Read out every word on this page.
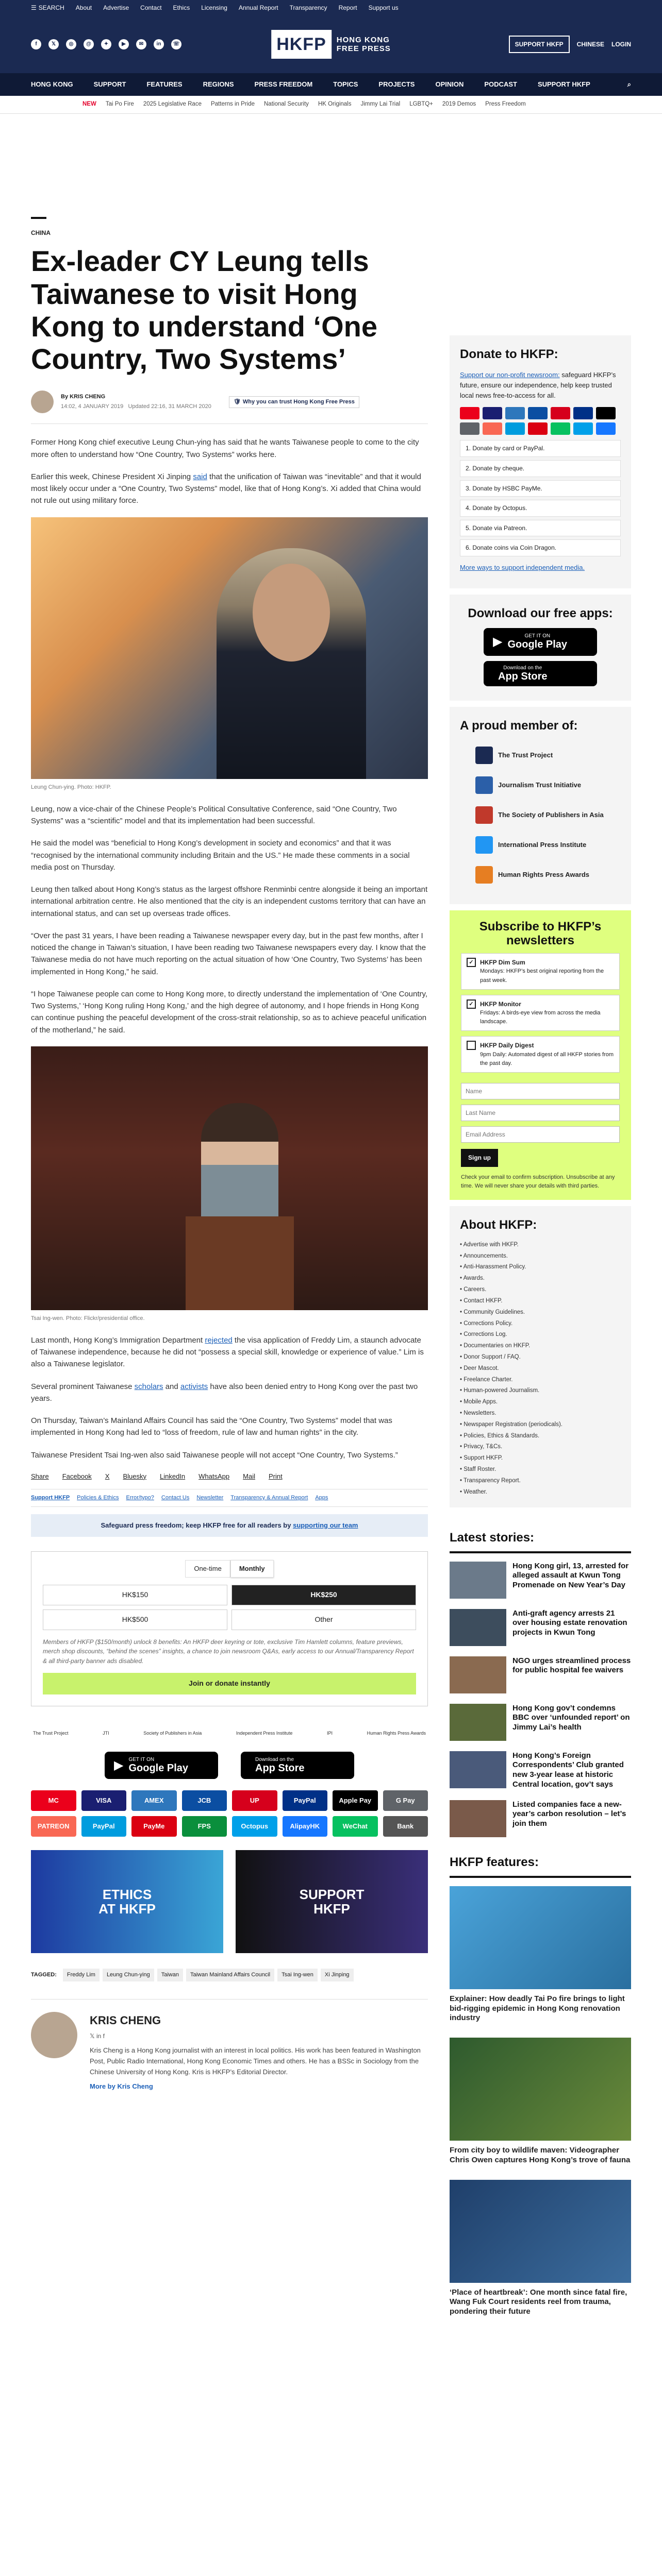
☰ SEARCH About Advertise Contact Ethics Licensing Annual Report Transparency Report Support us
f	𝕏	◎	@	✦	▶	✉	in	☏	HKFP	HONG KONG
FREE PRESS
SUPPORT HKFP	CHINESE LOGIN
HONG KONG	SUPPORT	FEATURES	REGIONS	PRESS FREEDOM	TOPICS	PROJECTS	OPINION	PODCAST	SUPPORT HKFP	⌕
NEW Tai Po Fire 2025 Legislative Race Patterns in Pride National Security HK Originals Jimmy Lai Trial LGBTQ+ 2019 Demos Press Freedom
CHINA
Ex-leader CY Leung tells Taiwanese to visit Hong Kong to understand ‘One Country, Two Systems’
By KRIS CHENG
14:02, 4 JANUARY 2019 Updated 22:16, 31 MARCH 2020
🛡 Why you can trust Hong Kong Free Press

Former Hong Kong chief executive Leung Chun-ying has said that he wants Taiwanese people to come to the city more often to understand how “One Country, Two Systems” works here.

Earlier this week, Chinese President Xi Jinping said that the unification of Taiwan was “inevitable” and that it would most likely occur under a “One Country, Two Systems” model, like that of Hong Kong’s. Xi added that China would not rule out using military force.

Leung Chun-ying. Photo: HKFP.

Leung, now a vice-chair of the Chinese People’s Political Consultative Conference, said “One Country, Two Systems” was a “scientific” model and that its implementation had been successful.

He said the model was “beneficial to Hong Kong’s development in society and economics” and that it was “recognised by the international community including Britain and the US.” He made these comments in a social media post on Thursday.

Leung then talked about Hong Kong’s status as the largest offshore Renminbi centre alongside it being an important international arbitration centre. He also mentioned that the city is an independent customs territory that can have an international status, and can set up overseas trade offices.

“Over the past 31 years, I have been reading a Taiwanese newspaper every day, but in the past few months, after I noticed the change in Taiwan’s situation, I have been reading two Taiwanese newspapers every day. I know that the Taiwanese media do not have much reporting on the actual situation of how ‘One Country, Two Systems’ has been implemented in Hong Kong,” he said.

“I hope Taiwanese people can come to Hong Kong more, to directly understand the implementation of ‘One Country, Two Systems,’ ‘Hong Kong ruling Hong Kong,’ and the high degree of autonomy, and I hope friends in Hong Kong can continue pushing the peaceful development of the cross-strait relationship, so as to achieve peaceful unification of the motherland,” he said.

Tsai Ing-wen. Photo: Flickr/presidential office.

Last month, Hong Kong’s Immigration Department rejected the visa application of Freddy Lim, a staunch advocate of Taiwanese independence, because he did not “possess a special skill, knowledge or experience of value.” Lim is also a Taiwanese legislator.

Several prominent Taiwanese scholars and activists have also been denied entry to Hong Kong over the past two years.

On Thursday, Taiwan’s Mainland Affairs Council has said the “One Country, Two Systems” model that was implemented in Hong Kong had led to “loss of freedom, rule of law and human rights” in the city.

Taiwanese President Tsai Ing-wen also said Taiwanese people will not accept “One Country, Two Systems.”

Share Facebook X Bluesky LinkedIn WhatsApp Mail Print
Support HKFP Policies & Ethics Error/typo? Contact Us Newsletter Transparency & Annual Report Apps
Safeguard press freedom; keep HKFP free for all readers by supporting our team
One-time	Monthly
HK$150	HK$250
HK$500	Other
Members of HKFP ($150/month) unlock 8 benefits: An HKFP deer keyring or tote, exclusive Tim Hamlett columns, feature previews, merch shop discounts, “behind the scenes” insights, a chance to join newsroom Q&As, early access to our Annual/Transparency Report & all third-party banner ads disabled.
Join or donate instantly
The Trust Project	JTI	Society of Publishers in Asia	Independent Press Institute	IPI	Human Rights Press Awards
▶ GET IT ON
Google Play
Download on the
App Store
MC	VISA	AMEX	JCB	UP	PayPal	Apple Pay	G Pay
PATREON	PayPal	PayMe	FPS	Octopus	AlipayHK	WeChat	Bank
ETHICS
AT HKFP
SUPPORT
HKFP
TAGGED:	Freddy Lim	Leung Chun-ying	Taiwan	Taiwan Mainland Affairs Council	Tsai Ing-wen	Xi Jinping
KRIS CHENG
𝕏 in f

Kris Cheng is a Hong Kong journalist with an interest in local politics. His work has been featured in Washington Post, Public Radio International, Hong Kong Economic Times and others. He has a BSSc in Sociology from the Chinese University of Hong Kong. Kris is HKFP’s Editorial Director.

More by Kris Cheng
Donate to HKFP:

Support our non-profit newsroom: safeguard HKFP’s future, ensure our independence, help keep trusted local news free-to-access for all.

1. Donate by card or PayPal.
2. Donate by cheque.
3. Donate by HSBC PayMe.
4. Donate by Octopus.
5. Donate via Patreon.
6. Donate coins via Coin Dragon.

More ways to support independent media.

Download our free apps:
▶	GET IT ON
Google Play
Download on the
App Store
A proud member of:
The Trust Project
Journalism Trust Initiative
The Society of Publishers in Asia
International Press Institute
Human Rights Press Awards
Subscribe to HKFP’s newsletters
✓	HKFP Dim Sum
Mondays: HKFP’s best original reporting from the past week.
✓	HKFP Monitor
Fridays: A birds-eye view from across the media landscape.
HKFP Daily Digest
9pm Daily: Automated digest of all HKFP stories from the past day.
Name Last Name Email Address Sign up
Check your email to confirm subscription. Unsubscribe at any time. We will never share your details with third parties.
About HKFP:
• Advertise with HKFP.
• Announcements.
• Anti-Harassment Policy.
• Awards.
• Careers.
• Contact HKFP.
• Community Guidelines.
• Corrections Policy.
• Corrections Log.
• Documentaries on HKFP.
• Donor Support / FAQ.
• Deer Mascot.
• Freelance Charter.
• Human-powered Journalism.
• Mobile Apps.
• Newsletters.
• Newspaper Registration (periodicals).
• Policies, Ethics & Standards.
• Privacy, T&Cs.
• Support HKFP.
• Staff Roster.
• Transparency Report.
• Weather.
Latest stories:
Hong Kong girl, 13, arrested for alleged assault at Kwun Tong Promenade on New Year’s Day
Anti-graft agency arrests 21 over housing estate renovation projects in Kwun Tong
NGO urges streamlined process for public hospital fee waivers
Hong Kong gov’t condemns BBC over ‘unfounded report’ on Jimmy Lai’s health
Hong Kong’s Foreign Correspondents’ Club granted new 3-year lease at historic Central location, gov’t says
Listed companies face a new-year’s carbon resolution – let’s join them
HKFP features:
Explainer: How deadly Tai Po fire brings to light bid-rigging epidemic in Hong Kong renovation industry
From city boy to wildlife maven: Videographer Chris Owen captures Hong Kong’s trove of fauna
‘Place of heartbreak’: One month since fatal fire, Wang Fuk Court residents reel from trauma, pondering their future
